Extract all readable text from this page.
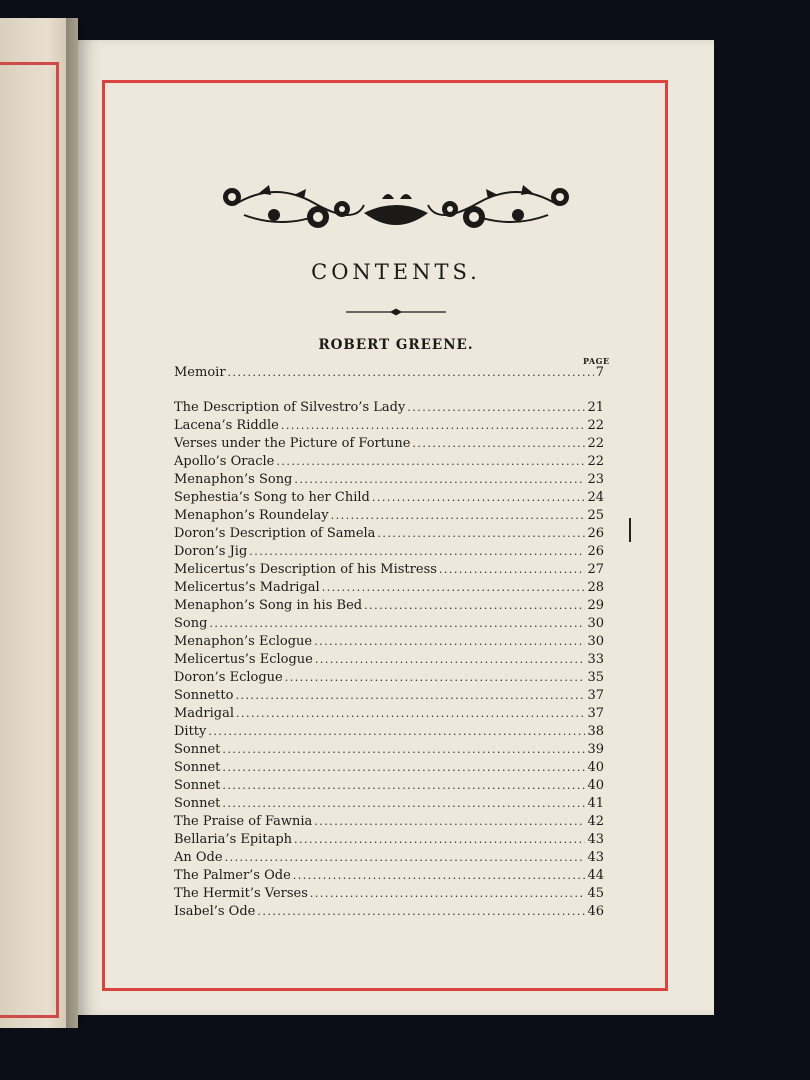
CONTENTS.
ROBERT GREENE.
PAGE
Memoir . . .	7
The Description of Silvestro’s Lady . . .	21
Lacena’s Riddle . . .	22
Verses under the Picture of Fortune . . .	22
Apollo’s Oracle . . .	22
Menaphon’s Song . . .	23
Sephestia’s Song to her Child . . .	24
Menaphon’s Roundelay . . .	25
Doron’s Description of Samela . . .	26
Doron’s Jig . . .	26
Melicertus’s Description of his Mistress . . .	27
Melicertus’s Madrigal . . .	28
Menaphon’s Song in his Bed . . .	29
Song . . .	30
Menaphon’s Eclogue . . .	30
Melicertus’s Eclogue . . .	33
Doron’s Eclogue . . .	35
Sonnetto . . .	37
Madrigal . . .	37
Ditty . . .	38
Sonnet . . .	39
Sonnet . . .	40
Sonnet . . .	40
Sonnet . . .	41
The Praise of Fawnia . . .	42
Bellaria’s Epitaph . . .	43
An Ode . . .	43
The Palmer’s Ode . . .	44
The Hermit’s Verses . . .	45
Isabel’s Ode . . .	46
